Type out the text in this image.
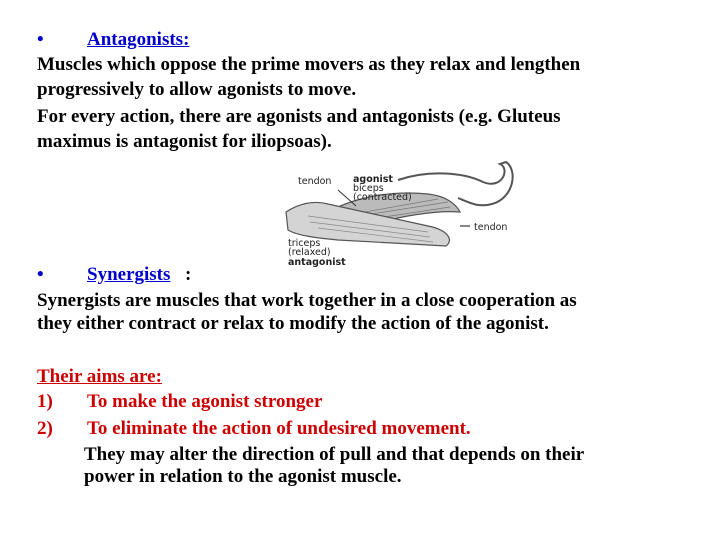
• Antagonists:
Muscles which oppose the prime movers as they relax and lengthen
progressively to allow agonists to move.
For every action, there are agonists and antagonists (e.g. Gluteus
maximus is antagonist for iliopsoas).
tendon agonist
biceps
(contracted)
tendon
triceps
(relaxed)
antagonist
• Synergists :
Synergists are muscles that work together in a close cooperation as
they either contract or relax to modify the action of the agonist.
Their aims are:
1) To make the agonist stronger
2) To eliminate the action of undesired movement.
They may alter the direction of pull and that depends on their
power in relation to the agonist muscle.
